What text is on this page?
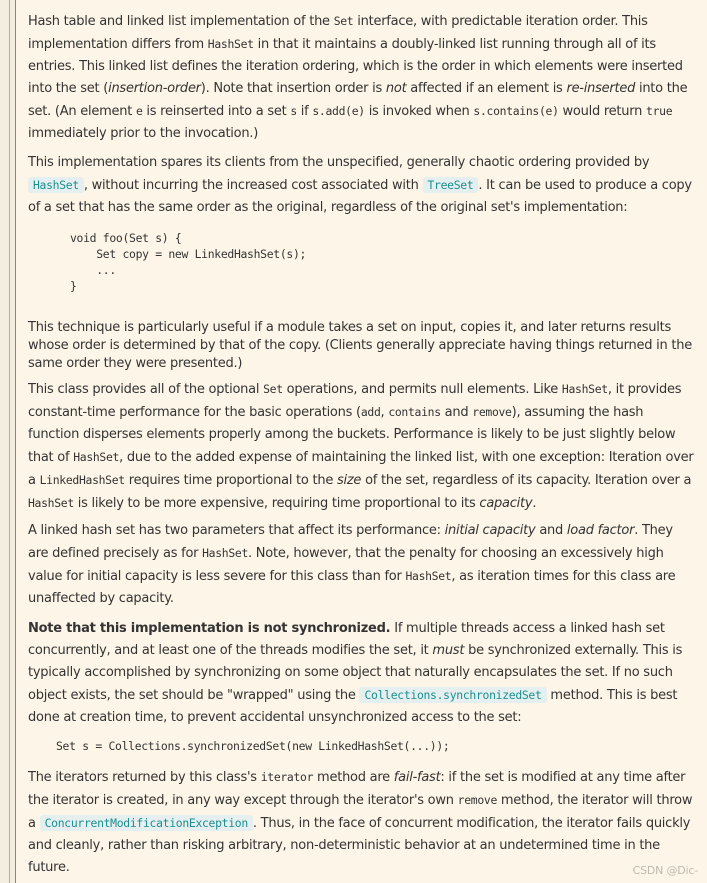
Hash table and linked list implementation of the Set interface, with predictable iteration order. This implementation differs from HashSet in that it maintains a doubly-linked list running through all of its entries. This linked list defines the iteration ordering, which is the order in which elements were inserted into the set (insertion-order). Note that insertion order is not affected if an element is re-inserted into the set. (An element e is reinserted into a set s if s.add(e) is invoked when s.contains(e) would return true immediately prior to the invocation.)

This implementation spares its clients from the unspecified, generally chaotic ordering provided by HashSet , without incurring the increased cost associated with TreeSet . It can be used to produce a copy of a set that has the same order as the original, regardless of the original set's implementation:

void foo(Set s) {
Set copy = new LinkedHashSet(s);
...
}

This technique is particularly useful if a module takes a set on input, copies it, and later returns results whose order is determined by that of the copy. (Clients generally appreciate having things returned in the same order they were presented.)

This class provides all of the optional Set operations, and permits null elements. Like HashSet, it provides constant-time performance for the basic operations (add, contains and remove), assuming the hash function disperses elements properly among the buckets. Performance is likely to be just slightly below that of HashSet, due to the added expense of maintaining the linked list, with one exception: Iteration over a LinkedHashSet requires time proportional to the size of the set, regardless of its capacity. Iteration over a HashSet is likely to be more expensive, requiring time proportional to its capacity.

A linked hash set has two parameters that affect its performance: initial capacity and load factor. They are defined precisely as for HashSet. Note, however, that the penalty for choosing an excessively high value for initial capacity is less severe for this class than for HashSet, as iteration times for this class are unaffected by capacity.

Note that this implementation is not synchronized. If multiple threads access a linked hash set concurrently, and at least one of the threads modifies the set, it must be synchronized externally. This is typically accomplished by synchronizing on some object that naturally encapsulates the set. If no such object exists, the set should be "wrapped" using the Collections.synchronizedSet method. This is best done at creation time, to prevent accidental unsynchronized access to the set:

Set s = Collections.synchronizedSet(new LinkedHashSet(...));

The iterators returned by this class's iterator method are fail-fast: if the set is modified at any time after the iterator is created, in any way except through the iterator's own remove method, the iterator will throw a ConcurrentModificationException . Thus, in the face of concurrent modification, the iterator fails quickly and cleanly, rather than risking arbitrary, non-deterministic behavior at an undetermined time in the future.	CSDN @Dic-
